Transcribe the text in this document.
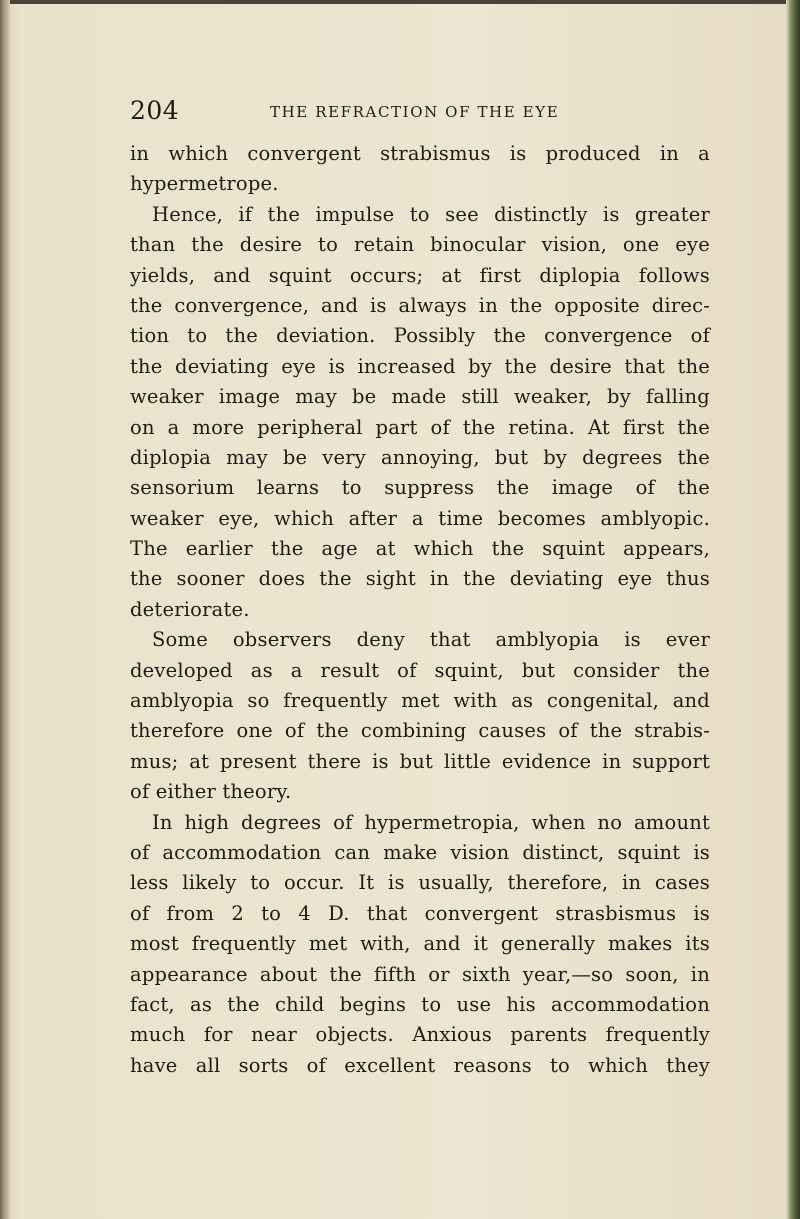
204	THE REFRACTION OF THE EYE
in which convergent strabismus is produced in a
hypermetrope.
Hence, if the impulse to see distinctly is greater
than the desire to retain binocular vision, one eye
yields, and squint occurs; at first diplopia follows
the convergence, and is always in the opposite direc-
tion to the deviation. Possibly the convergence of
the deviating eye is increased by the desire that the
weaker image may be made still weaker, by falling
on a more peripheral part of the retina. At first the
diplopia may be very annoying, but by degrees the
sensorium learns to suppress the image of the
weaker eye, which after a time becomes amblyopic.
The earlier the age at which the squint appears,
the sooner does the sight in the deviating eye thus
deteriorate.
Some observers deny that amblyopia is ever
developed as a result of squint, but consider the
amblyopia so frequently met with as congenital, and
therefore one of the combining causes of the strabis-
mus; at present there is but little evidence in support
of either theory.
In high degrees of hypermetropia, when no amount
of accommodation can make vision distinct, squint is
less likely to occur. It is usually, therefore, in cases
of from 2 to 4 D. that convergent strasbismus is
most frequently met with, and it generally makes its
appearance about the fifth or sixth year,—so soon, in
fact, as the child begins to use his accommodation
much for near objects. Anxious parents frequently
have all sorts of excellent reasons to which they
